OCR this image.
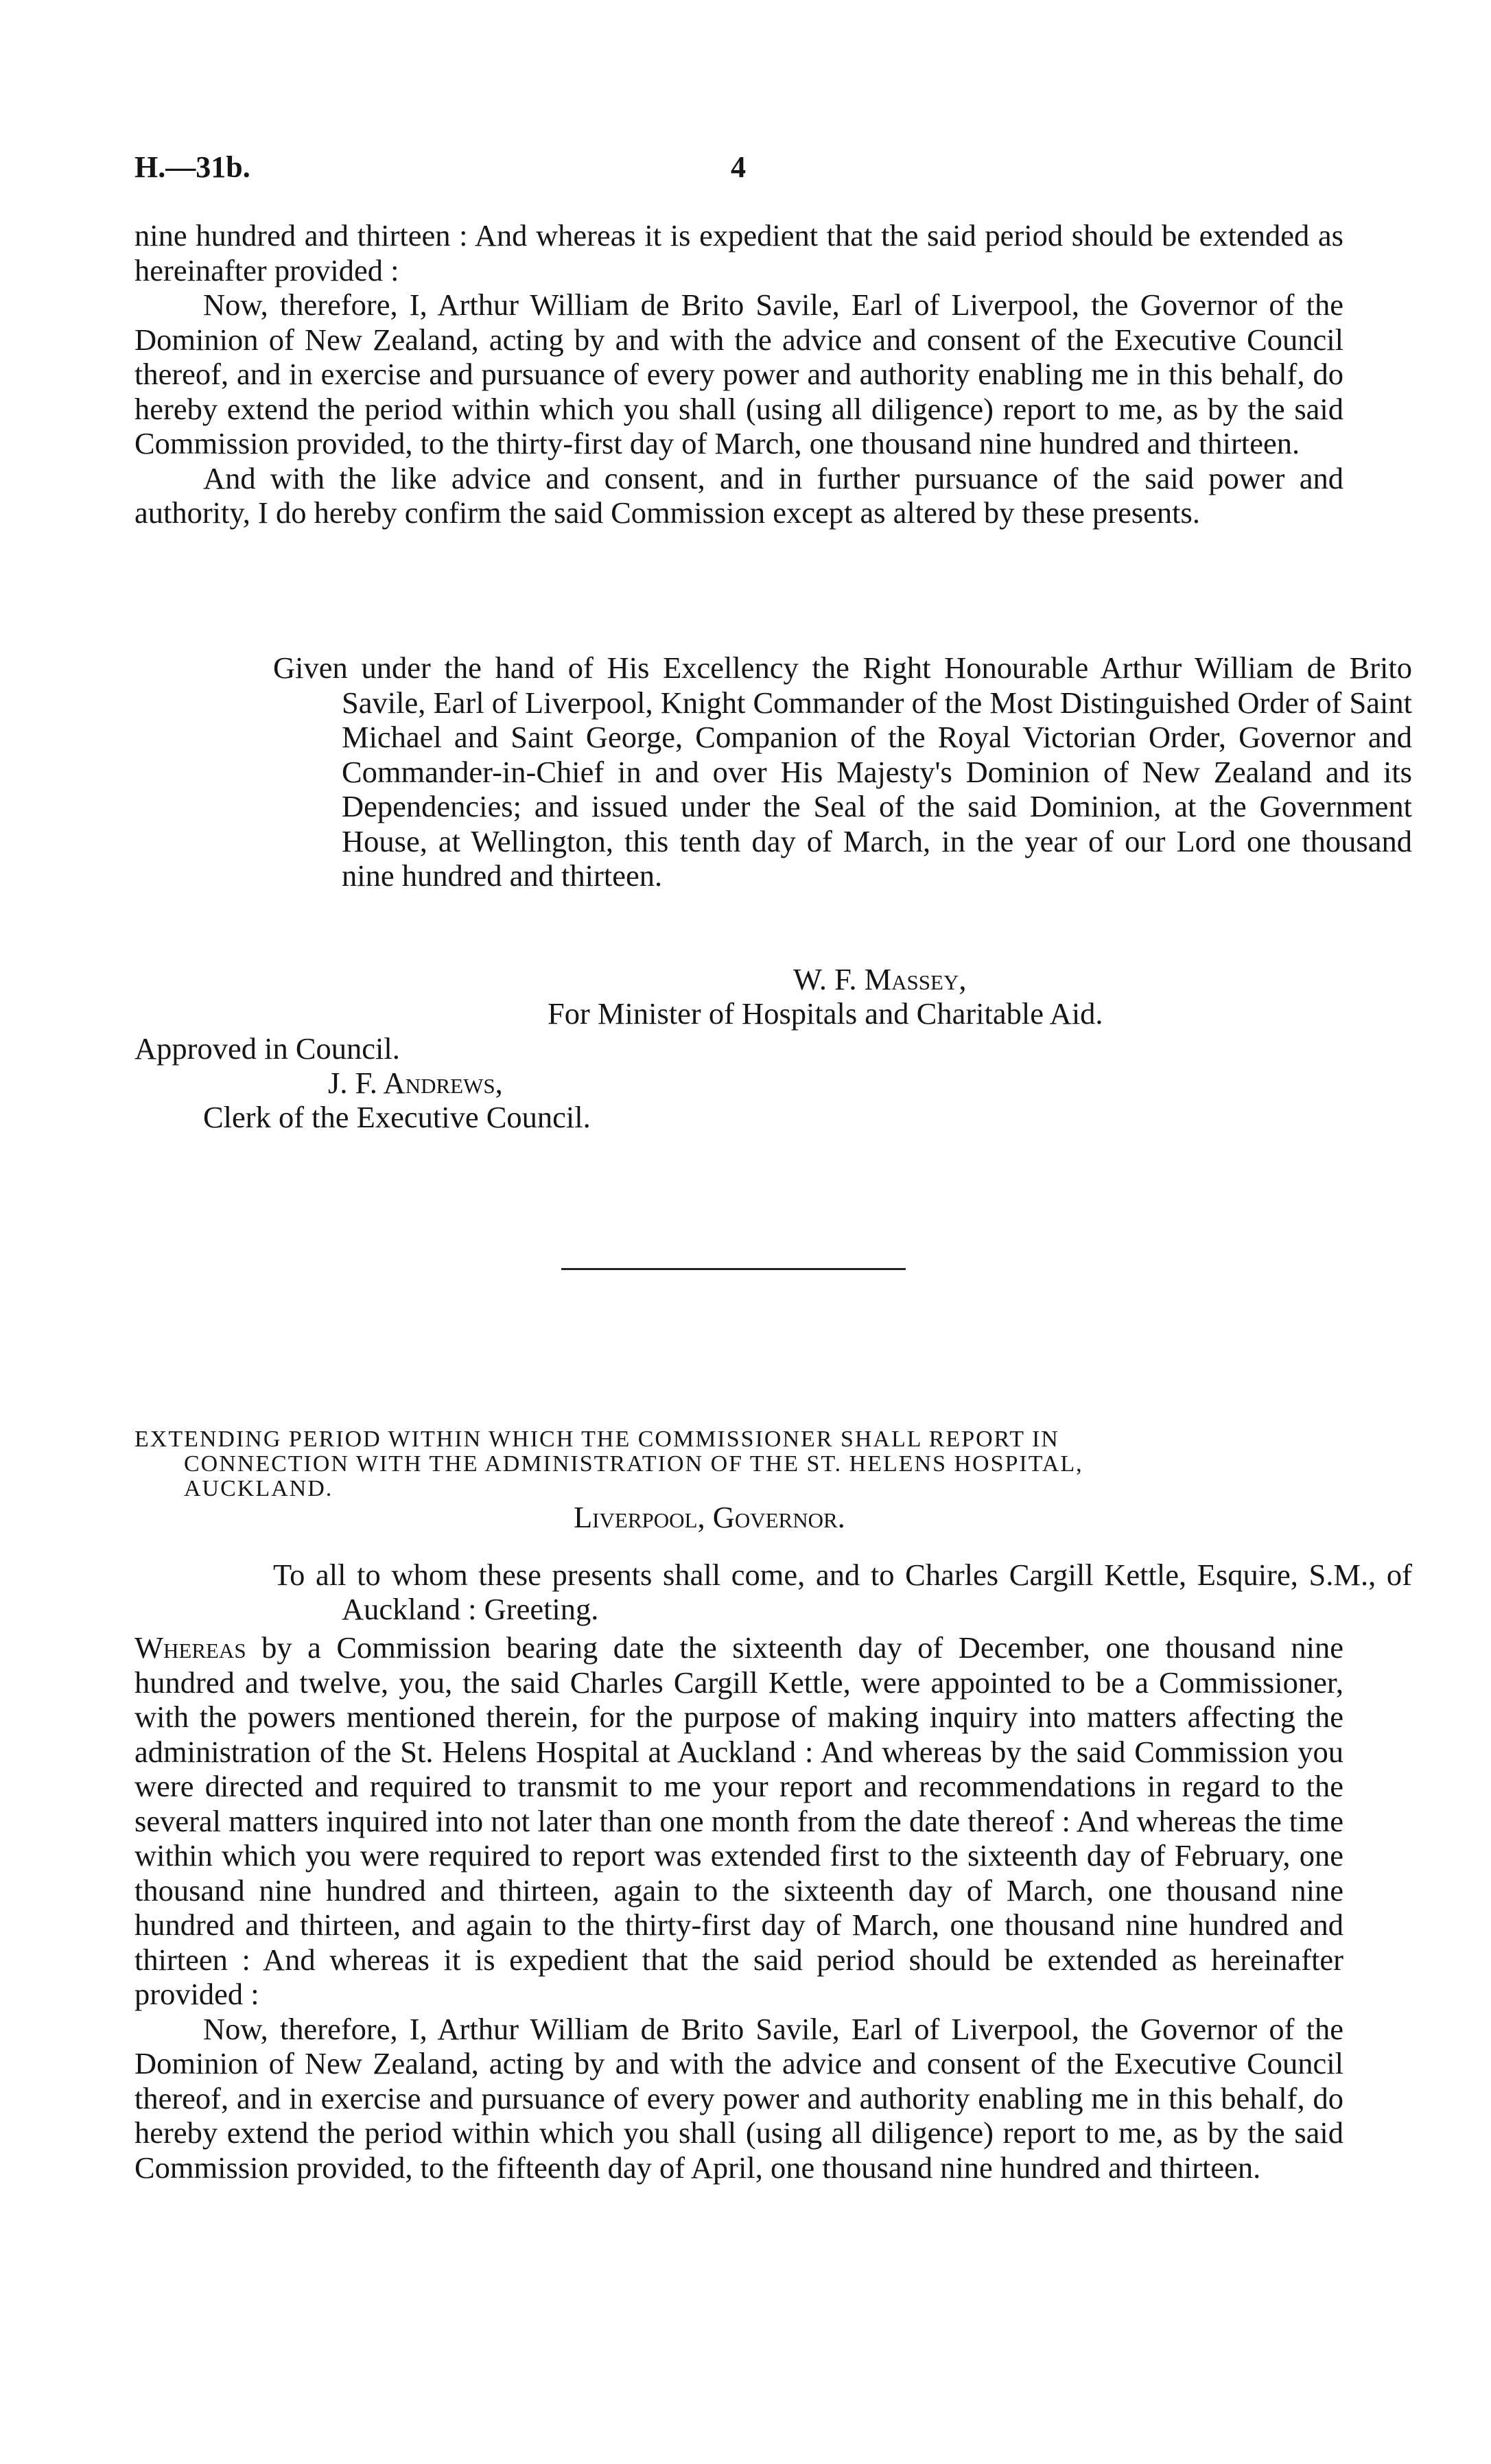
H.—31b.	4

nine hundred and thirteen : And whereas it is expedient that the said period should be extended as hereinafter provided :

Now, therefore, I, Arthur William de Brito Savile, Earl of Liverpool, the Governor of the Dominion of New Zealand, acting by and with the advice and consent of the Executive Council thereof, and in exercise and pursuance of every power and authority enabling me in this behalf, do hereby extend the period within which you shall (using all diligence) report to me, as by the said Commission provided, to the thirty-first day of March, one thousand nine hundred and thirteen.

And with the like advice and consent, and in further pursuance of the said power and authority, I do hereby confirm the said Commission except as altered by these presents.

Given under the hand of His Excellency the Right Honourable Arthur William de Brito Savile, Earl of Liverpool, Knight Commander of the Most Distinguished Order of Saint Michael and Saint George, Companion of the Royal Victorian Order, Governor and Commander-in-Chief in and over His Majesty's Dominion of New Zealand and its Dependencies; and issued under the Seal of the said Dominion, at the Government House, at Wellington, this tenth day of March, in the year of our Lord one thousand nine hundred and thirteen.
W. F. Massey,
For Minister of Hospitals and Charitable Aid.
Approved in Council.
J. F. Andrews,
Clerk of the Executive Council.
EXTENDING PERIOD WITHIN WHICH THE COMMISSIONER SHALL REPORT IN
CONNECTION WITH THE ADMINISTRATION OF THE ST. HELENS HOSPITAL,
AUCKLAND.
Liverpool, Governor.
To all to whom these presents shall come, and to Charles Cargill Kettle, Esquire, S.M., of Auckland : Greeting.

Whereas by a Commission bearing date the sixteenth day of December, one thousand nine hundred and twelve, you, the said Charles Cargill Kettle, were appointed to be a Commissioner, with the powers mentioned therein, for the purpose of making inquiry into matters affecting the administration of the St. Helens Hospital at Auckland : And whereas by the said Commission you were directed and required to transmit to me your report and recommendations in regard to the several matters inquired into not later than one month from the date thereof : And whereas the time within which you were required to report was extended first to the sixteenth day of February, one thousand nine hundred and thirteen, again to the sixteenth day of March, one thousand nine hundred and thirteen, and again to the thirty-first day of March, one thousand nine hundred and thirteen : And whereas it is expedient that the said period should be extended as hereinafter provided :

Now, therefore, I, Arthur William de Brito Savile, Earl of Liverpool, the Governor of the Dominion of New Zealand, acting by and with the advice and consent of the Executive Council thereof, and in exercise and pursuance of every power and authority enabling me in this behalf, do hereby extend the period within which you shall (using all diligence) report to me, as by the said Commission provided, to the fifteenth day of April, one thousand nine hundred and thirteen.
